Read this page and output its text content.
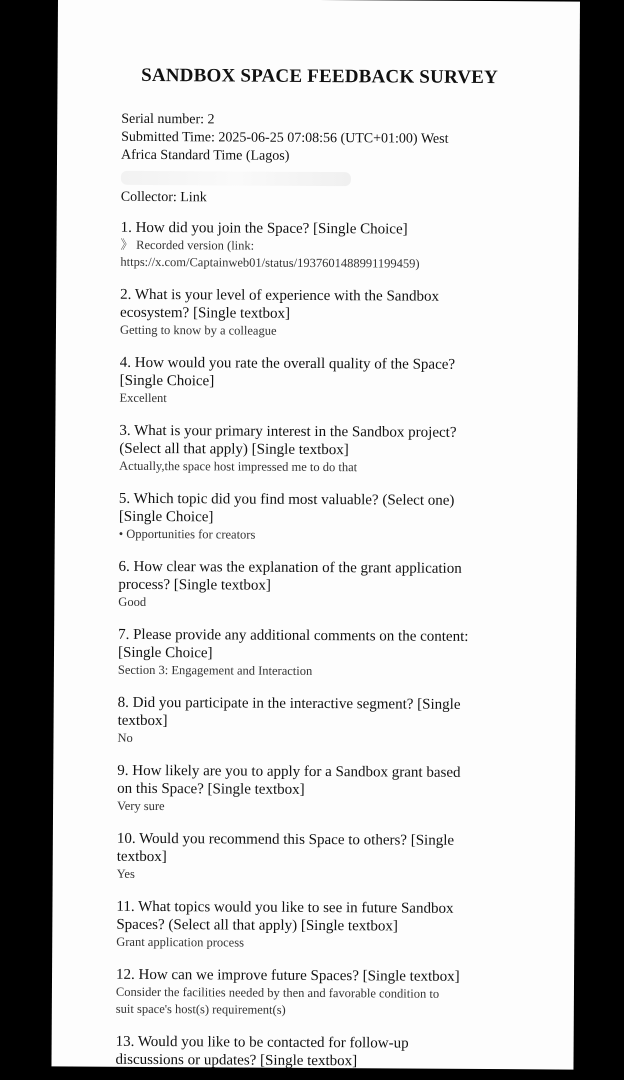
SANDBOX SPACE FEEDBACK SURVEY
Serial number: 2
Submitted Time: 2025-06-25 07:08:56 (UTC+01:00) West
Africa Standard Time (Lagos)
Collector: Link
1. How did you join the Space? [Single Choice]
》 Recorded version (link:
https://x.com/Captainweb01/status/1937601488991199459)
2. What is your level of experience with the Sandbox
ecosystem? [Single textbox]
Getting to know by a colleague
4. How would you rate the overall quality of the Space?
[Single Choice]
Excellent
3. What is your primary interest in the Sandbox project?
(Select all that apply) [Single textbox]
Actually,the space host impressed me to do that
5. Which topic did you find most valuable? (Select one)
[Single Choice]
• Opportunities for creators
6. How clear was the explanation of the grant application
process? [Single textbox]
Good
7. Please provide any additional comments on the content:
[Single Choice]
Section 3: Engagement and Interaction
8. Did you participate in the interactive segment? [Single
textbox]
No
9. How likely are you to apply for a Sandbox grant based
on this Space? [Single textbox]
Very sure
10. Would you recommend this Space to others? [Single
textbox]
Yes
11. What topics would you like to see in future Sandbox
Spaces? (Select all that apply) [Single textbox]
Grant application process
12. How can we improve future Spaces? [Single textbox]
Consider the facilities needed by then and favorable condition to
suit space's host(s) requirement(s)
13. Would you like to be contacted for follow-up
discussions or updates? [Single textbox]
